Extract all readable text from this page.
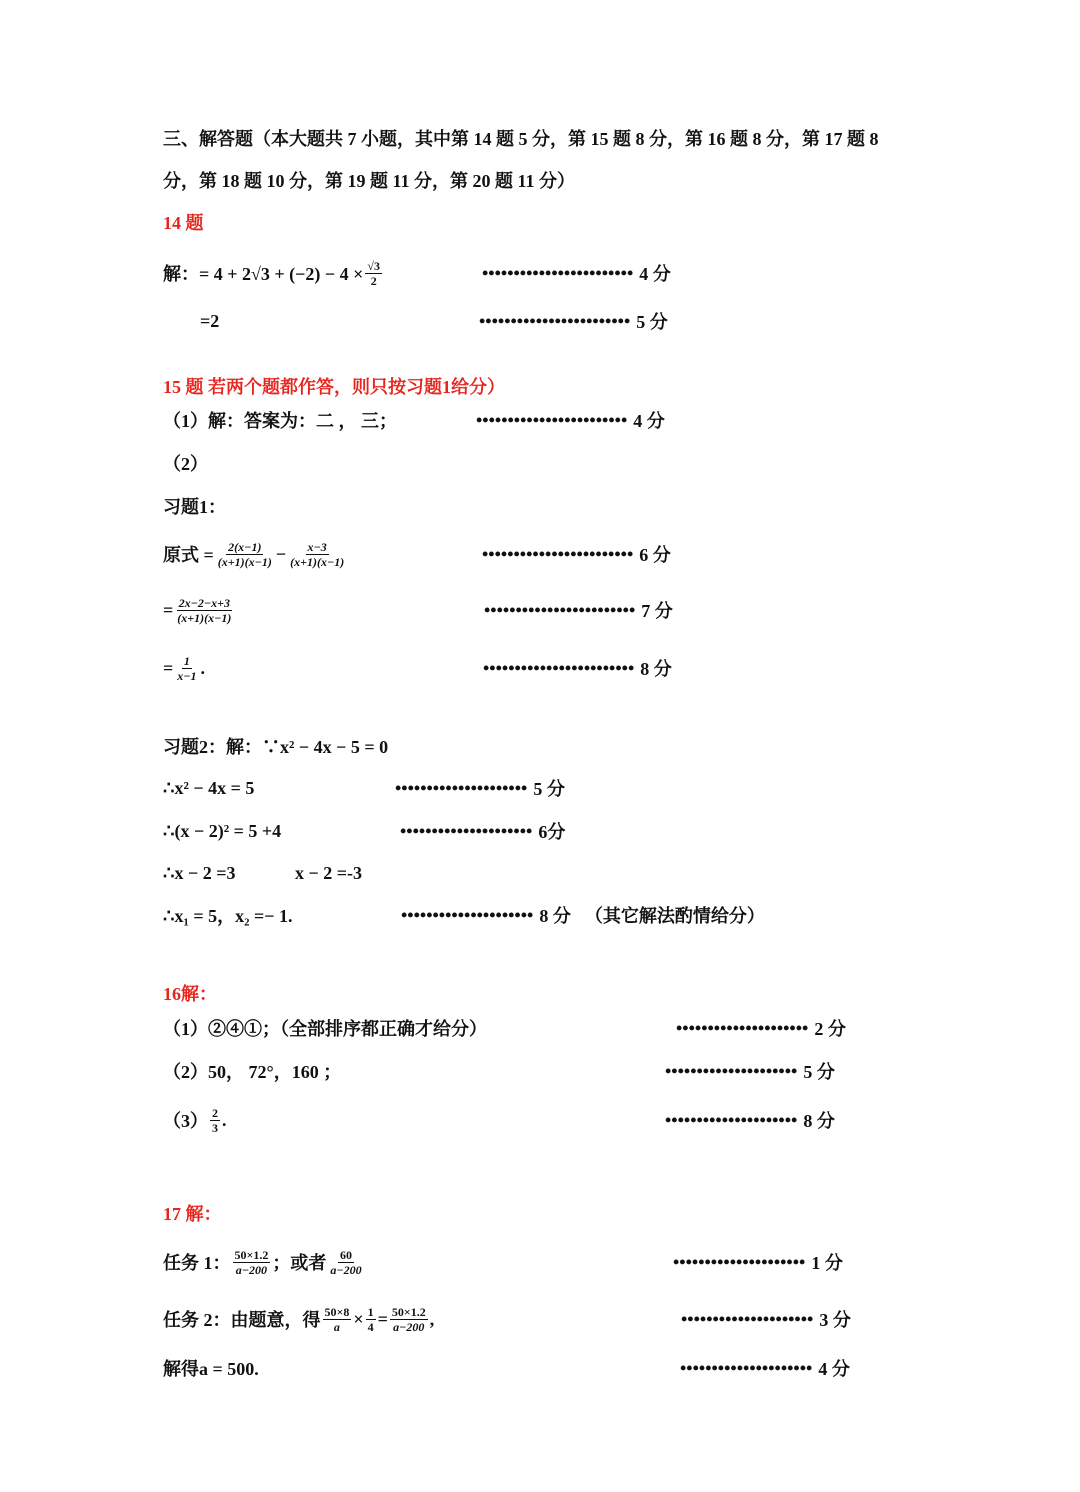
三、解答题（本大题共 7 小题，其中第 14 题 5 分，第 15 题 8 分，第 16 题 8 分，第 17 题 8
分，第 18 题 10 分，第 19 题 11 分，第 20 题 11 分）
14 题
解：= $4 + 2√3 + (-2) - 4 \times \frac{√3}{2}$	•••••••••••••••••••••••• 4 分
=2	•••••••••••••••••••••••• 5 分
15 题 若两个题都作答，则只按习题1给分）
（1）解：答案为：二 ， 三；	•••••••••••••••••••••••• 4 分
（2）
习题1：
原式 = $\frac{2(x-1)}{(x+1)(x-1)} - \frac{x-3}{(x+1)(x-1)}$	•••••••••••••••••••••••• 6 分
= $\frac{2x-2-x+3}{(x+1)(x-1)}$	•••••••••••••••••••••••• 7 分
= $\frac{1}{x-1}$ .	•••••••••••••••••••••••• 8 分
习题2：解：∵x² − 4x − 5 = 0
∴x² − 4x = 5	••••••••••••••••••••• 5 分
∴(x − 2)² = 5 +4	••••••••••••••••••••• 6分
∴x − 2 =3	x − 2 =-3
∴x₁ = 5，x₂ =− 1.	••••••••••••••••••••• 8 分 （其它解法酌情给分）
16解：
（1）②④①；（全部排序都正确才给分）	••••••••••••••••••••• 2 分
（2）50， 72°，160 ；	••••••••••••••••••••• 5 分
$(3) \frac{2}{3}$ .	••••••••••••••••••••• 8 分
17 解：
任务 1： $\frac{50\times 1.2}{a-200}$ ；或者 $\frac{60}{a-200}$	••••••••••••••••••••• 1 分
任务 2：由题意，得 $\frac{50\times 8}{a} \times \frac{1}{4} = \frac{50\times 1.2}{a-200}$ ,	••••••••••••••••••••• 3 分
解得a = 500.	••••••••••••••••••••• 4 分
